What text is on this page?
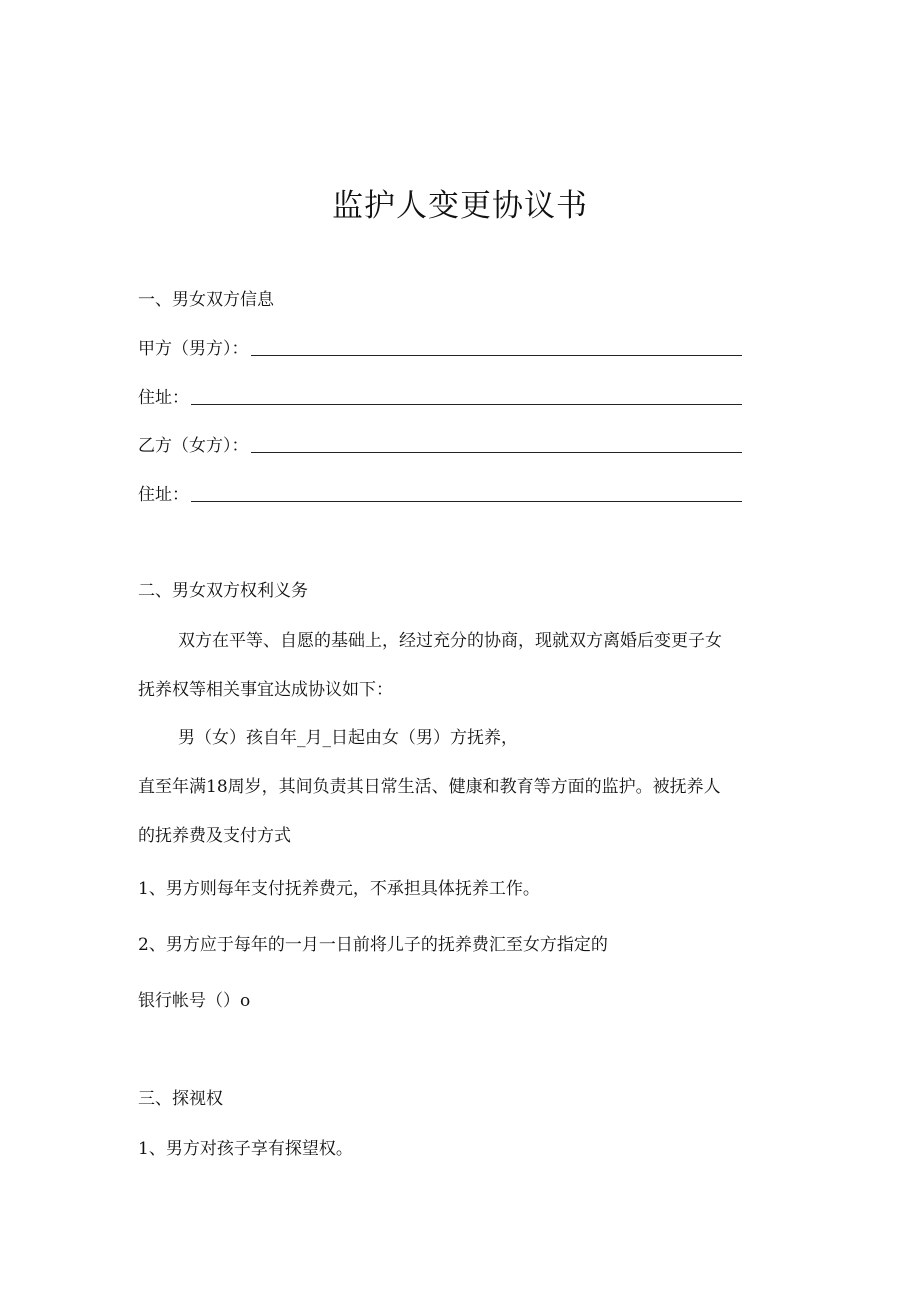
监护人变更协议书
一、男女双方信息
甲方（男方）：
住址：
乙方（女方）：
住址：
二、男女双方权利义务
双方在平等、自愿的基础上，经过充分的协商，现就双方离婚后变更子女
抚养权等相关事宜达成协议如下：
男（女）孩自年_月_日起由女（男）方抚养，
直至年满18周岁，其间负责其日常生活、健康和教育等方面的监护。被抚养人
的抚养费及支付方式
1、男方则每年支付抚养费元，不承担具体抚养工作。
2、男方应于每年的一月一日前将儿子的抚养费汇至女方指定的
银行帐号（）o
三、探视权
1、男方对孩子享有探望权。
